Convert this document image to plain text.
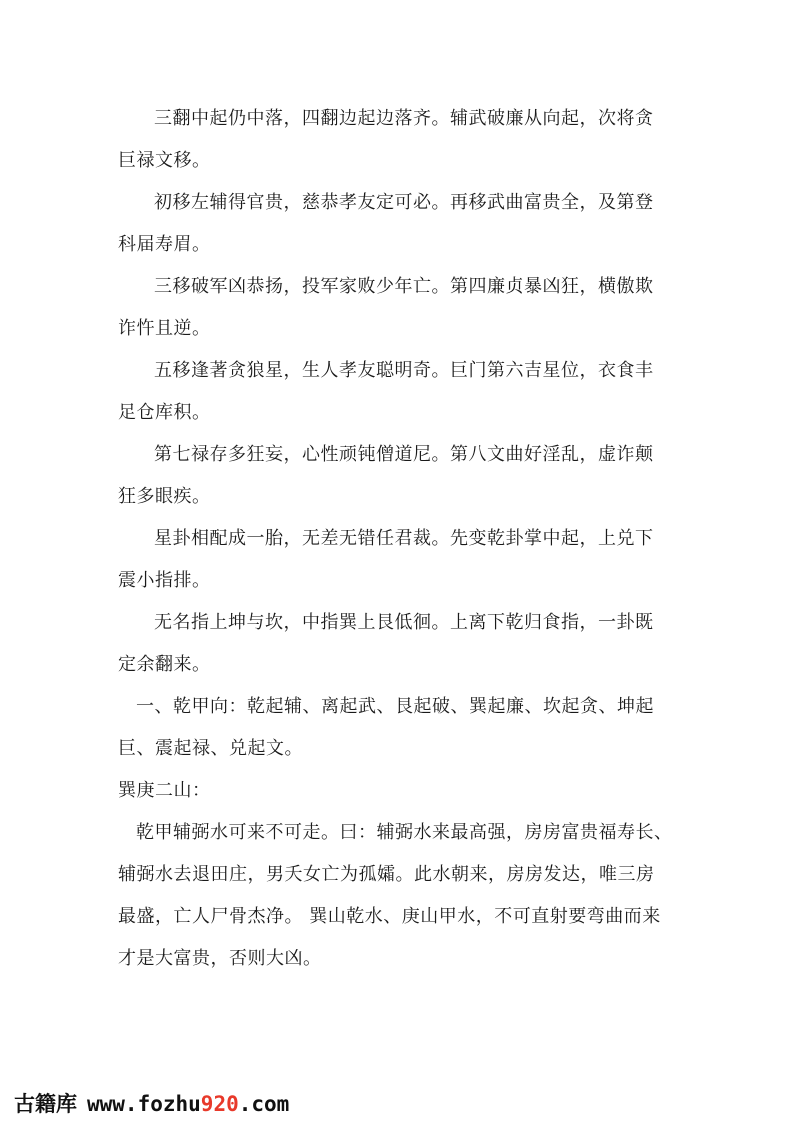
三翻中起仍中落，四翻边起边落齐。辅武破廉从向起，次将贪
巨禄文移。

初移左辅得官贵，慈恭孝友定可必。再移武曲富贵全，及第登
科届寿眉。

三移破军凶恭扬，投军家败少年亡。第四廉贞暴凶狂，横傲欺
诈忤且逆。

五移逢著贪狼星，生人孝友聪明奇。巨门第六吉星位，衣食丰
足仓库积。

第七禄存多狂妄，心性顽钝僧道尼。第八文曲好淫乱，虚诈颠
狂多眼疾。

星卦相配成一胎，无差无错任君裁。先变乾卦掌中起，上兑下
震小指排。

无名指上坤与坎，中指巽上艮低徊。上离下乾归食指，一卦既
定余翻来。

一、乾甲向：乾起辅、离起武、艮起破、巽起廉、坎起贪、坤起
巨、震起禄、兑起文。

巽庚二山：

乾甲辅弼水可来不可走。曰：辅弼水来最高强，房房富贵福寿长、
辅弼水去退田庄，男夭女亡为孤孀。此水朝来，房房发达，唯三房
最盛，亡人尸骨杰净。 巽山乾水、庚山甲水，不可直射要弯曲而来
才是大富贵，否则大凶。

古籍库 www.fozhu920.com
